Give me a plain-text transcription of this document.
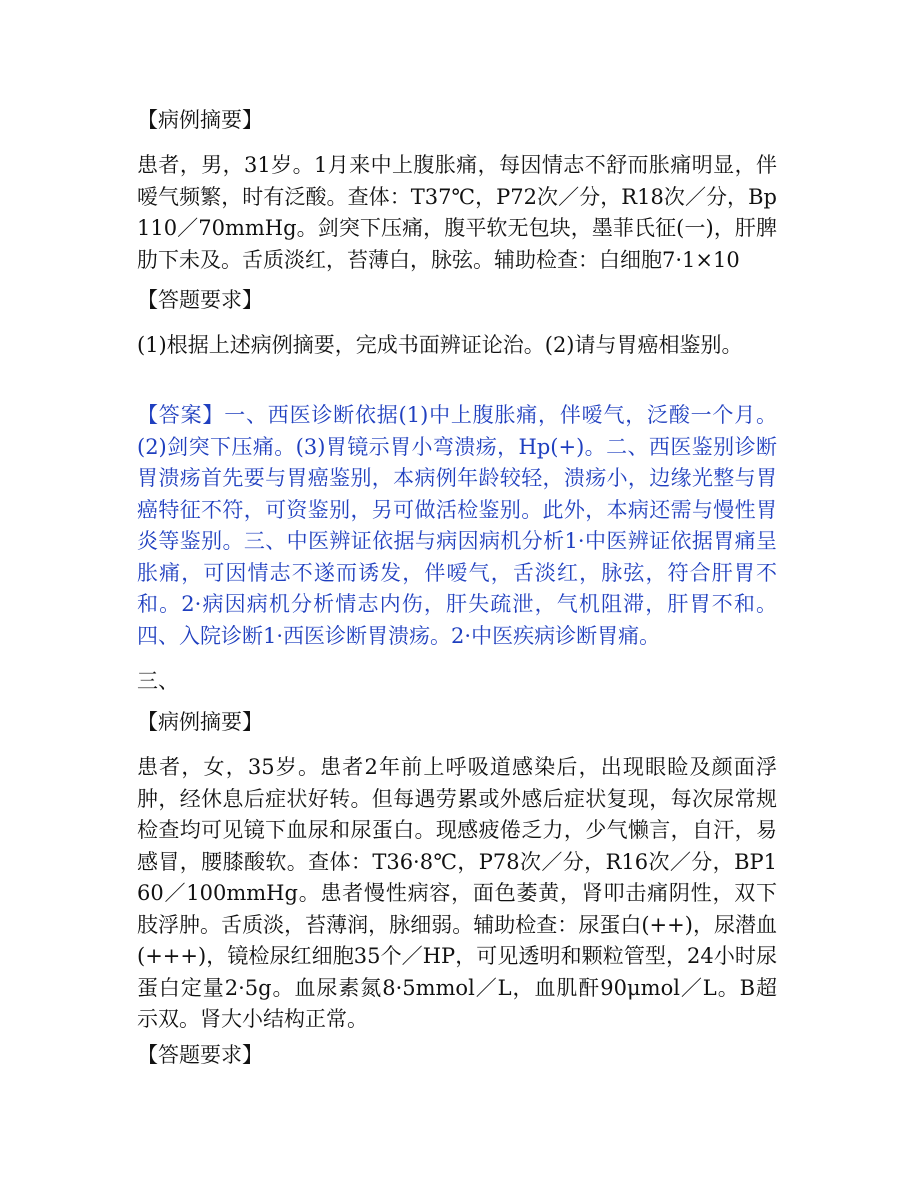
【病例摘要】
患者，男，31岁。1月来中上腹胀痛，每因情志不舒而胀痛明显，伴嗳气频繁，时有泛酸。查体：T37℃，P72次／分，R18次／分，Bp110／70mmHg。剑突下压痛，腹平软无包块，墨菲氏征(一)，肝脾肋下未及。舌质淡红，苔薄白，脉弦。辅助检查：白细胞7·1×10
【答题要求】
(1)根据上述病例摘要，完成书面辨证论治。(2)请与胃癌相鉴别。
【答案】一、西医诊断依据(1)中上腹胀痛，伴嗳气，泛酸一个月。(2)剑突下压痛。(3)胃镜示胃小弯溃疡，Hp(+)。二、西医鉴别诊断胃溃疡首先要与胃癌鉴别，本病例年龄较轻，溃疡小，边缘光整与胃癌特征不符，可资鉴别，另可做活检鉴别。此外，本病还需与慢性胃炎等鉴别。三、中医辨证依据与病因病机分析1·中医辨证依据胃痛呈胀痛，可因情志不遂而诱发，伴嗳气，舌淡红，脉弦，符合肝胃不和。2·病因病机分析情志内伤，肝失疏泄，气机阻滞，肝胃不和。四、入院诊断1·西医诊断胃溃疡。2·中医疾病诊断胃痛。
三、
【病例摘要】
患者，女，35岁。患者2年前上呼吸道感染后，出现眼睑及颜面浮肿，经休息后症状好转。但每遇劳累或外感后症状复现，每次尿常规检查均可见镜下血尿和尿蛋白。现感疲倦乏力，少气懒言，自汗，易感冒，腰膝酸软。查体：T36·8℃，P78次／分，R16次／分，BP160／100mmHg。患者慢性病容，面色萎黄，肾叩击痛阴性，双下肢浮肿。舌质淡，苔薄润，脉细弱。辅助检查：尿蛋白(++)，尿潜血(+++)，镜检尿红细胞35个／HP，可见透明和颗粒管型，24小时尿蛋白定量2·5g。血尿素氮8·5mmol／L，血肌酐90μmol／L。B超示双。肾大小结构正常。
【答题要求】
